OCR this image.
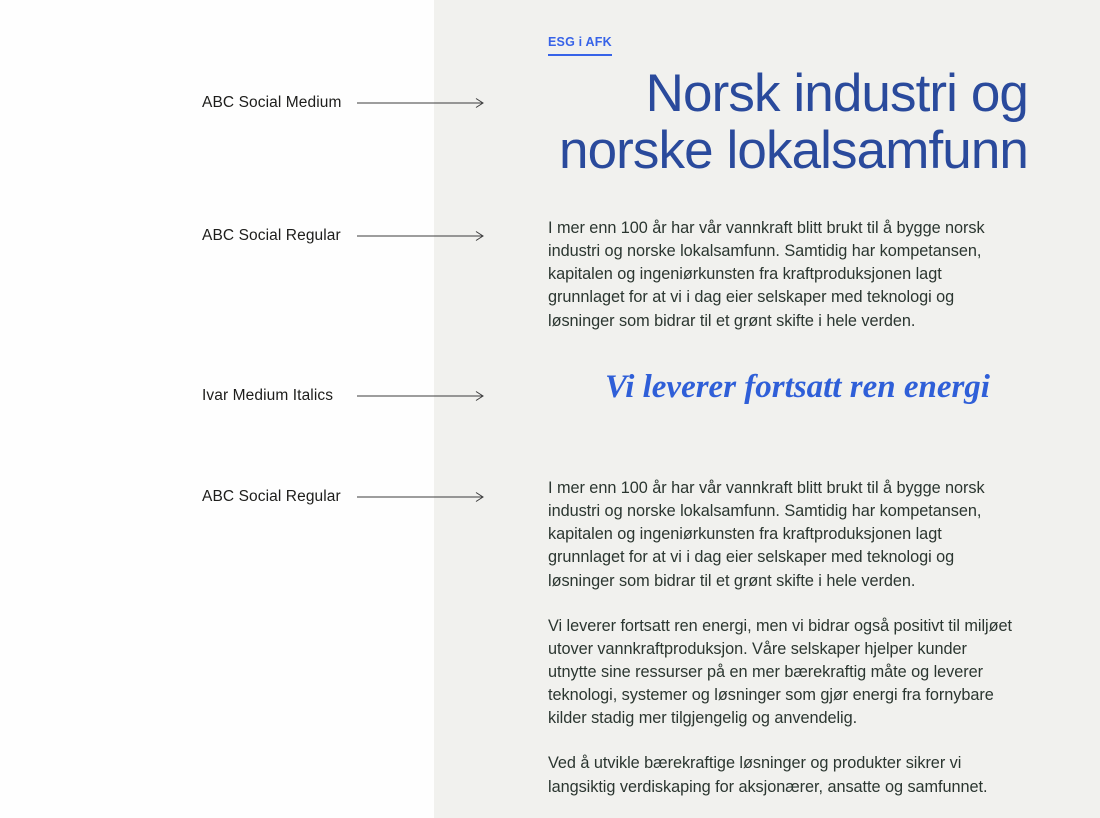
ESG i AFK
Norsk industri og norske lokalsamfunn

I mer enn 100 år har vår vannkraft blitt brukt til å bygge norsk industri og norske lokalsamfunn. Samtidig har kompetansen, kapitalen og ingeniørkunsten fra kraftproduksjonen lagt grunnlaget for at vi i dag eier selskaper med teknologi og løsninger som bidrar til et grønt skifte i hele verden.

Vi leverer fortsatt ren energi

I mer enn 100 år har vår vannkraft blitt brukt til å bygge norsk industri og norske lokalsamfunn. Samtidig har kompetansen, kapitalen og ingeniørkunsten fra kraftproduksjonen lagt grunnlaget for at vi i dag eier selskaper med teknologi og løsninger som bidrar til et grønt skifte i hele verden.

Vi leverer fortsatt ren energi, men vi bidrar også positivt til miljøet utover vannkraftproduksjon. Våre selskaper hjelper kunder utnytte sine ressurser på en mer bærekraftig måte og leverer teknologi, systemer og løsninger som gjør energi fra fornybare kilder stadig mer tilgjengelig og anvendelig.

Ved å utvikle bærekraftige løsninger og produkter sikrer vi langsiktig verdiskaping for aksjonærer, ansatte og samfunnet.

ABC Social Medium
ABC Social Regular
Ivar Medium Italics
ABC Social Regular
